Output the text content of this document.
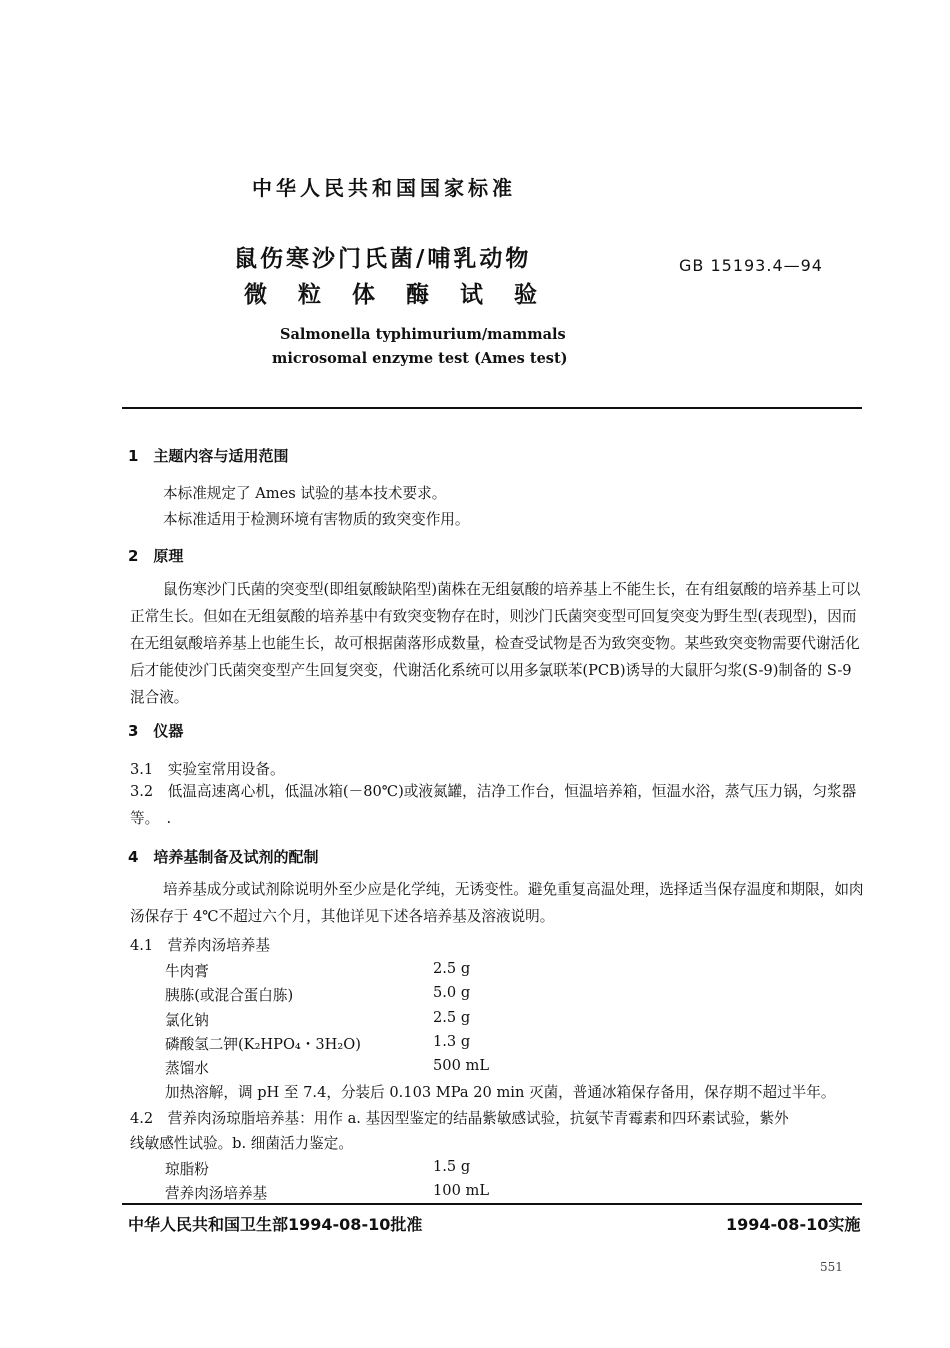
中华人民共和国国家标准
鼠伤寒沙门氏菌/哺乳动物
微粒体酶试验
GB 15193.4—94
Salmonella typhimurium/mammals
microsomal enzyme test (Ames test)
1　主题内容与适用范围
本标准规定了 Ames 试验的基本技术要求。
本标准适用于检测环境有害物质的致突变作用。
2　原理
鼠伤寒沙门氏菌的突变型(即组氨酸缺陷型)菌株在无组氨酸的培养基上不能生长，在有组氨酸的培养基上可以正常生长。但如在无组氨酸的培养基中有致突变物存在时，则沙门氏菌突变型可回复突变为野生型(表现型)，因而在无组氨酸培养基上也能生长，故可根据菌落形成数量，检查受试物是否为致突变物。某些致突变物需要代谢活化后才能使沙门氏菌突变型产生回复突变，代谢活化系统可以用多氯联苯(PCB)诱导的大鼠肝匀浆(S-9)制备的 S-9 混合液。
3　仪器
3.1　实验室常用设备。
3.2　低温高速离心机，低温冰箱(－80℃)或液氮罐，洁净工作台，恒温培养箱，恒温水浴，蒸气压力锅，匀浆器等。　.
4　培养基制备及试剂的配制
培养基成分或试剂除说明外至少应是化学纯，无诱变性。避免重复高温处理，选择适当保存温度和期限，如肉汤保存于 4℃不超过六个月，其他详见下述各培养基及溶液说明。
4.1　营养肉汤培养基
牛肉膏	2.5 g
胰胨(或混合蛋白胨)	5.0 g
氯化钠	2.5 g
磷酸氢二钾(K₂HPO₄・3H₂O)	1.3 g
蒸馏水	500 mL
加热溶解，调 pH 至 7.4，分装后 0.103 MPa 20 min 灭菌，普通冰箱保存备用，保存期不超过半年。
4.2　营养肉汤琼脂培养基：用作 a. 基因型鉴定的结晶紫敏感试验，抗氨苄青霉素和四环素试验，紫外
线敏感性试验。b. 细菌活力鉴定。
琼脂粉	1.5 g
营养肉汤培养基	100 mL
中华人民共和国卫生部1994-08-10批准	1994-08-10实施
551
